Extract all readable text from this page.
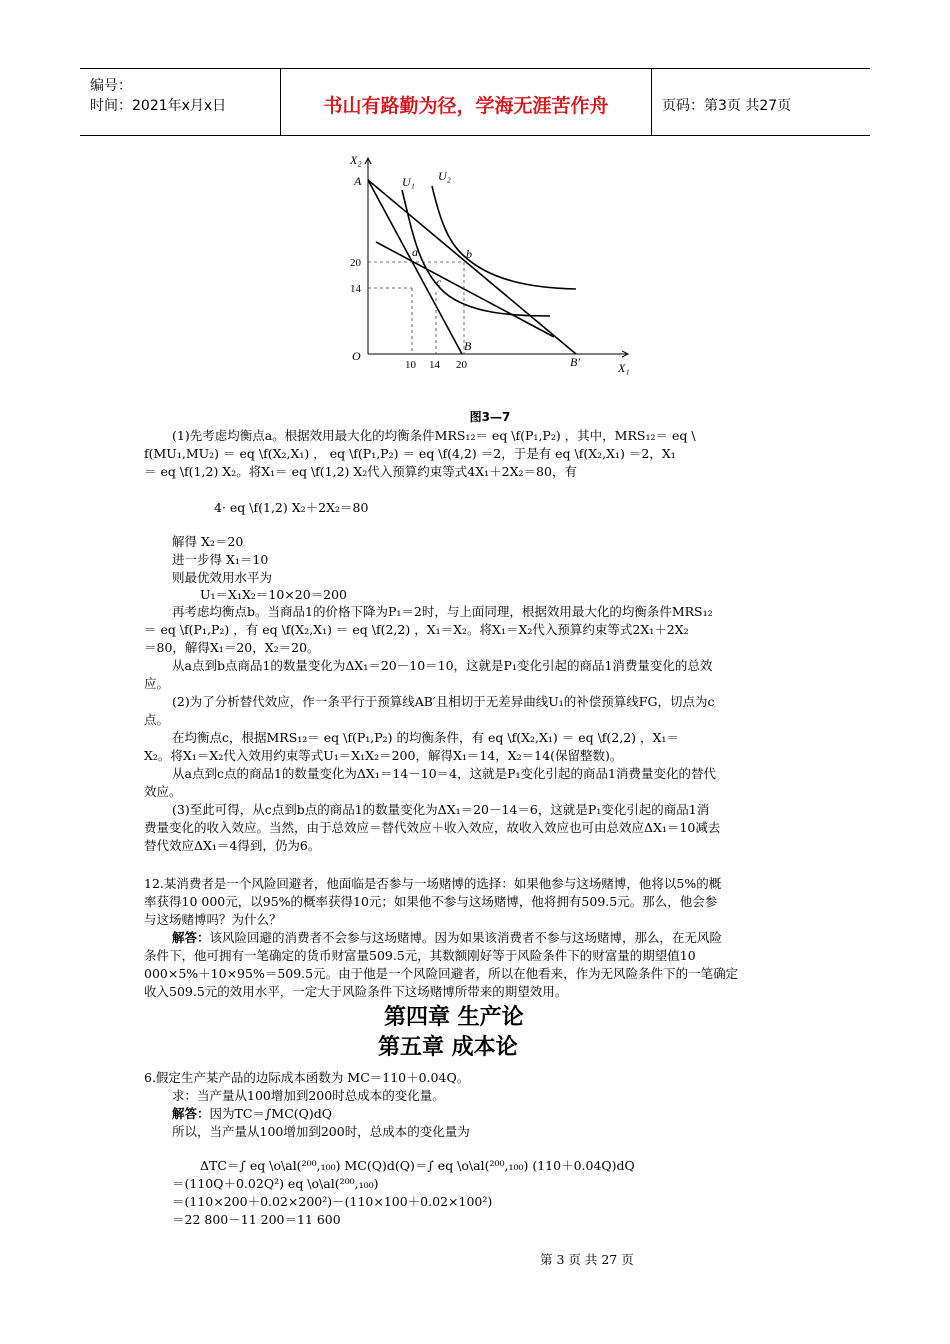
编号：
时间：2021年x月x日	书山有路勤为径，学海无涯苦作舟	页码：第3页 共27页
X₂
A	U₁ U₂
a	b
c
20
14
O
B
B′
10 14 20	X₁
图3—7
(1)先考虑均衡点a。根据效用最大化的均衡条件MRS₁₂＝ eq \f(P₁,P₂) ，其中，MRS₁₂＝ eq \
f(MU₁,MU₂) ＝ eq \f(X₂,X₁) ， eq \f(P₁,P₂) ＝ eq \f(4,2) ＝2，于是有 eq \f(X₂,X₁) ＝2，X₁
＝ eq \f(1,2) X₂。将X₁＝ eq \f(1,2) X₂代入预算约束等式4X₁＋2X₂＝80，有
4· eq \f(1,2) X₂＋2X₂＝80
解得 X₂＝20
进一步得 X₁＝10
则最优效用水平为
U₁＝X₁X₂＝10×20＝200
再考虑均衡点b。当商品1的价格下降为P₁＝2时，与上面同理，根据效用最大化的均衡条件MRS₁₂
＝ eq \f(P₁,P₂) ，有 eq \f(X₂,X₁) ＝ eq \f(2,2) ，X₁＝X₂。将X₁＝X₂代入预算约束等式2X₁＋2X₂
＝80，解得X₁＝20，X₂＝20。
从a点到b点商品1的数量变化为ΔX₁＝20－10＝10，这就是P₁变化引起的商品1消费量变化的总效
应。
(2)为了分析替代效应，作一条平行于预算线AB′且相切于无差异曲线U₁的补偿预算线FG，切点为c
点。
在均衡点c，根据MRS₁₂＝ eq \f(P₁,P₂) 的均衡条件，有 eq \f(X₂,X₁) ＝ eq \f(2,2) ，X₁＝
X₂。将X₁＝X₂代入效用约束等式U₁＝X₁X₂＝200，解得X₁＝14，X₂＝14(保留整数)。
从a点到c点的商品1的数量变化为ΔX₁＝14－10＝4，这就是P₁变化引起的商品1消费量变化的替代
效应。
(3)至此可得，从c点到b点的商品1的数量变化为ΔX₁＝20－14＝6，这就是P₁变化引起的商品1消
费量变化的收入效应。当然，由于总效应＝替代效应＋收入效应，故收入效应也可由总效应ΔX₁＝10减去
替代效应ΔX₁＝4得到，仍为6。
12.某消费者是一个风险回避者，他面临是否参与一场赌博的选择：如果他参与这场赌博，他将以5%的概
率获得10 000元，以95%的概率获得10元；如果他不参与这场赌博，他将拥有509.5元。那么，他会参
与这场赌博吗？为什么？
解答：该风险回避的消费者不会参与这场赌博。因为如果该消费者不参与这场赌博，那么，在无风险
条件下，他可拥有一笔确定的货币财富量509.5元，其数额刚好等于风险条件下的财富量的期望值10
000×5%＋10×95%＝509.5元。由于他是一个风险回避者，所以在他看来，作为无风险条件下的一笔确定
收入509.5元的效用水平，一定大于风险条件下这场赌博所带来的期望效用。
第四章 生产论
第五章 成本论
6.假定生产某产品的边际成本函数为 MC＝110＋0.04Q。
求：当产量从100增加到200时总成本的变化量。
解答：因为TC＝∫MC(Q)dQ
所以，当产量从100增加到200时，总成本的变化量为
ΔTC＝∫ eq \o\al(²⁰⁰,₁₀₀) MC(Q)d(Q)＝∫ eq \o\al(²⁰⁰,₁₀₀) (110＋0.04Q)dQ
＝(110Q＋0.02Q²) eq \o\al(²⁰⁰,₁₀₀)
＝(110×200＋0.02×200²)－(110×100＋0.02×100²)
＝22 800－11 200＝11 600
第 3 页 共 27 页
